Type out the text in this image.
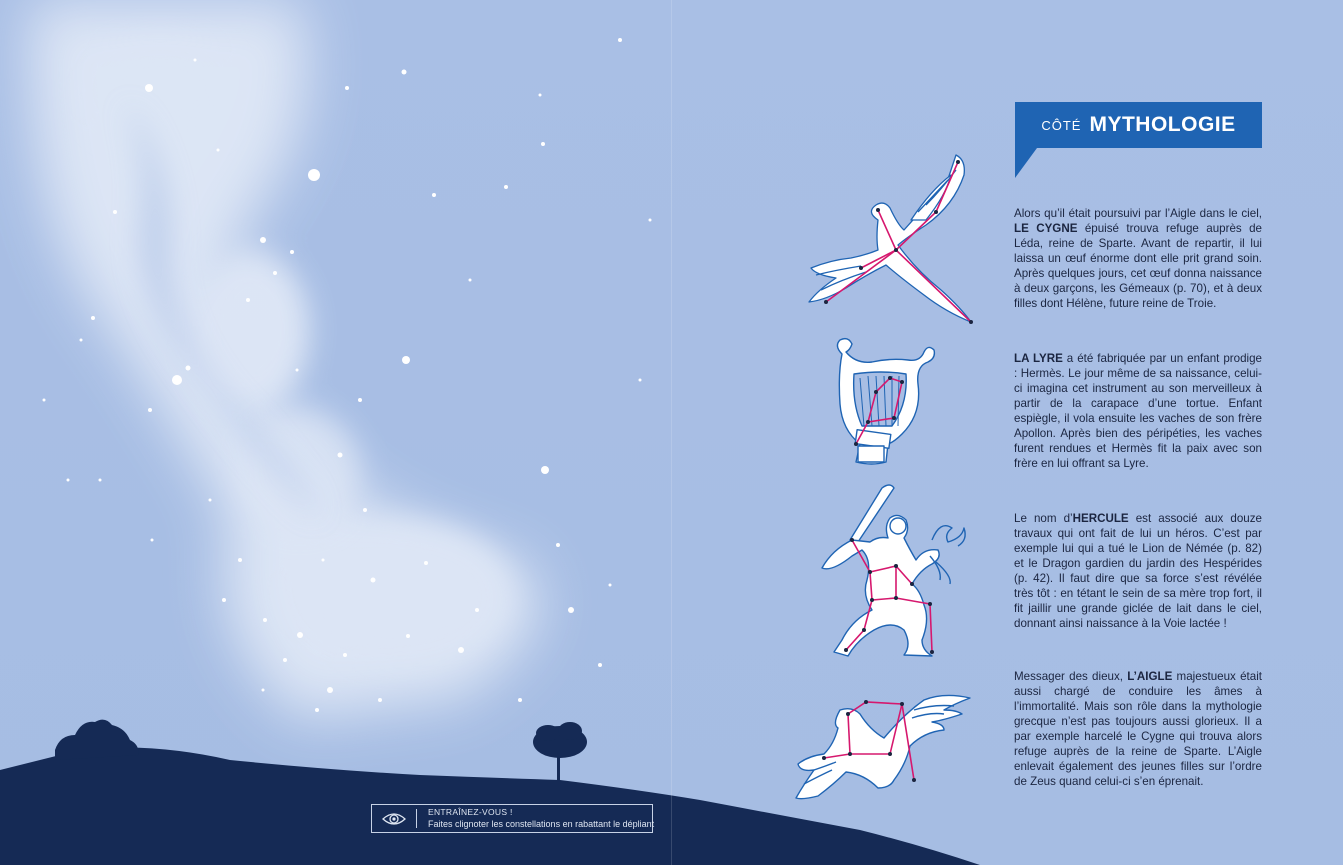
CÔTÉ MYTHOLOGIE

Alors qu’il était poursuivi par l’Aigle dans le ciel, LE CYGNE épuisé trouva refuge auprès de Léda, reine de Sparte. Avant de repartir, il lui laissa un œuf énorme dont elle prit grand soin. Après quelques jours, cet œuf donna naissance à deux garçons, les Gémeaux (p. 70), et à deux filles dont Hélène, future reine de Troie.

LA LYRE a été fabriquée par un enfant prodige : Hermès. Le jour même de sa naissance, celui-ci imagina cet instrument au son merveilleux à partir de la carapace d’une tortue. Enfant espiègle, il vola ensuite les vaches de son frère Apollon. Après bien des péripéties, les vaches furent rendues et Hermès fit la paix avec son frère en lui offrant sa Lyre.

Le nom d’HERCULE est associé aux douze travaux qui ont fait de lui un héros. C’est par exemple lui qui a tué le Lion de Némée (p. 82) et le Dragon gardien du jardin des Hespérides (p. 42). Il faut dire que sa force s’est révélée très tôt : en tétant le sein de sa mère trop fort, il fit jaillir une grande giclée de lait dans le ciel, donnant ainsi naissance à la Voie lactée !

Messager des dieux, L’AIGLE majestueux était aussi chargé de conduire les âmes à l’immortalité. Mais son rôle dans la mythologie grecque n’est pas toujours aussi glorieux. Il a par exemple harcelé le Cygne qui trouva alors refuge auprès de la reine de Sparte. L’Aigle enlevait également des jeunes filles sur l’ordre de Zeus quand celui-ci s’en éprenait.

ENTRAÎNEZ-VOUS !
Faites clignoter les constellations en rabattant le dépliant
